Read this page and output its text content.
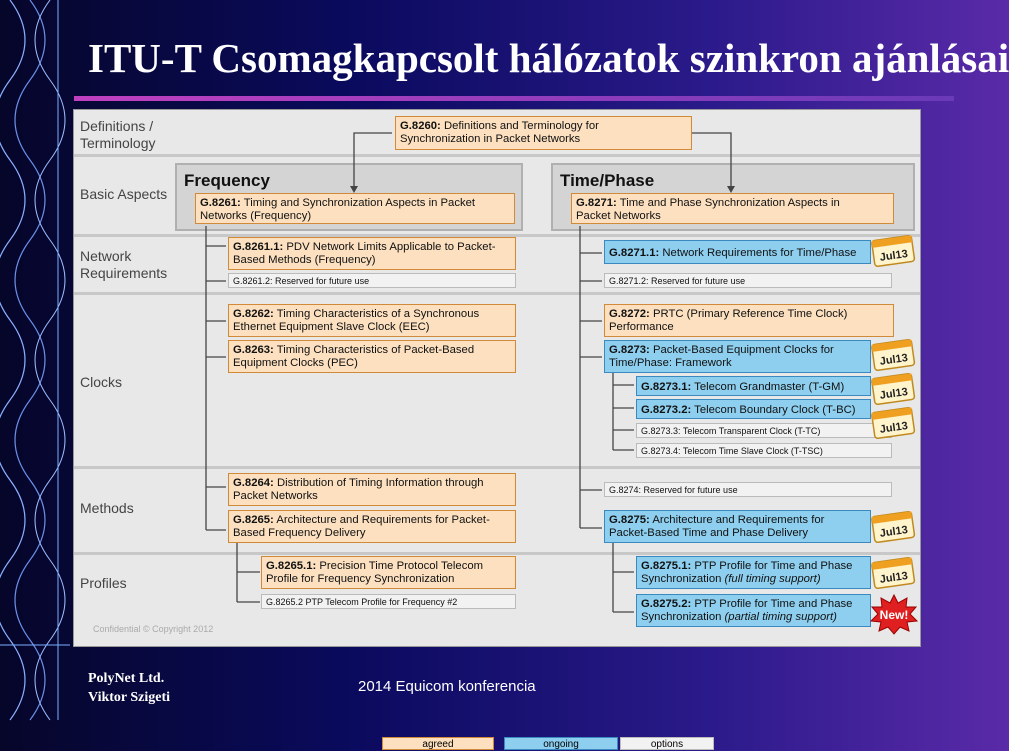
ITU-T Csomagkapcsolt hálózatok szinkron ajánlásai
Definitions /
Terminology
Basic Aspects
Network
Requirements
Clocks
Methods
Profiles
Frequency	Time/Phase
G.8260: Definitions and Terminology for
Synchronization in Packet Networks
G.8261: Timing and Synchronization Aspects in Packet
Networks (Frequency)
G.8261.1: PDV Network Limits Applicable to Packet-
Based Methods (Frequency)
G.8261.2: Reserved for future use
G.8262: Timing Characteristics of a Synchronous
Ethernet Equipment Slave Clock (EEC)
G.8263: Timing Characteristics of Packet-Based
Equipment Clocks (PEC)
G.8264: Distribution of Timing Information through
Packet Networks
G.8265: Architecture and Requirements for Packet-
Based Frequency Delivery
G.8265.1: Precision Time Protocol Telecom
Profile for Frequency Synchronization
G.8265.2 PTP Telecom Profile for Frequency #2
G.8271: Time and Phase Synchronization Aspects in
Packet Networks
G.8271.1: Network Requirements for Time/Phase
G.8271.2: Reserved for future use
G.8272: PRTC (Primary Reference Time Clock)
Performance
G.8273: Packet-Based Equipment Clocks for
Time/Phase: Framework
G.8273.1: Telecom Grandmaster (T-GM)
G.8273.2: Telecom Boundary Clock (T-BC)
G.8273.3: Telecom Transparent Clock (T-TC)
G.8273.4: Telecom Time Slave Clock (T-TSC)
G.8274: Reserved for future use
G.8275: Architecture and Requirements for
Packet-Based Time and Phase Delivery
G.8275.1: PTP Profile for Time and Phase
Synchronization (full timing support)
G.8275.2: PTP Profile for Time and Phase
Synchronization (partial timing support)
Jul13
Jul13
Jul13
Jul13
Jul13
Jul13
New!
agreed	ongoing	options
Confidential © Copyright 2012
PolyNet Ltd.
Viktor Szigeti
2014 Equicom konferencia
